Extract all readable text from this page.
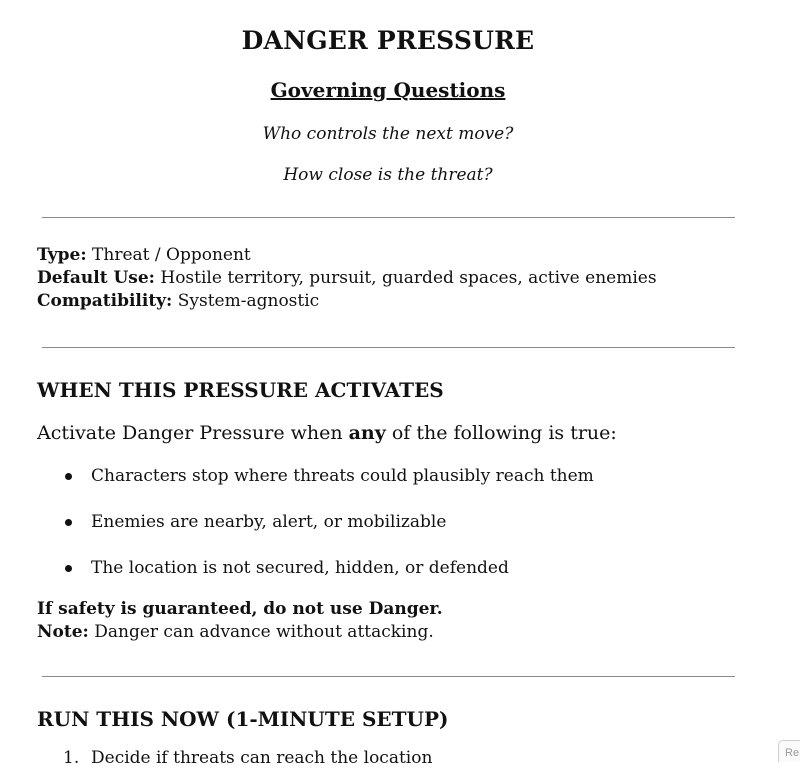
DANGER PRESSURE
Governing Questions

Who controls the next move?

How close is the threat?

Type: Threat / Opponent
Default Use: Hostile territory, pursuit, guarded spaces, active enemies
Compatibility: System-agnostic
WHEN THIS PRESSURE ACTIVATES
Activate Danger Pressure when any of the following is true:
Characters stop where threats could plausibly reach them
Enemies are nearby, alert, or mobilizable
The location is not secured, hidden, or defended
If safety is guaranteed, do not use Danger.
Note: Danger can advance without attacking.
RUN THIS NOW (1-MINUTE SETUP)
1. Decide if threats can reach the location	Re
